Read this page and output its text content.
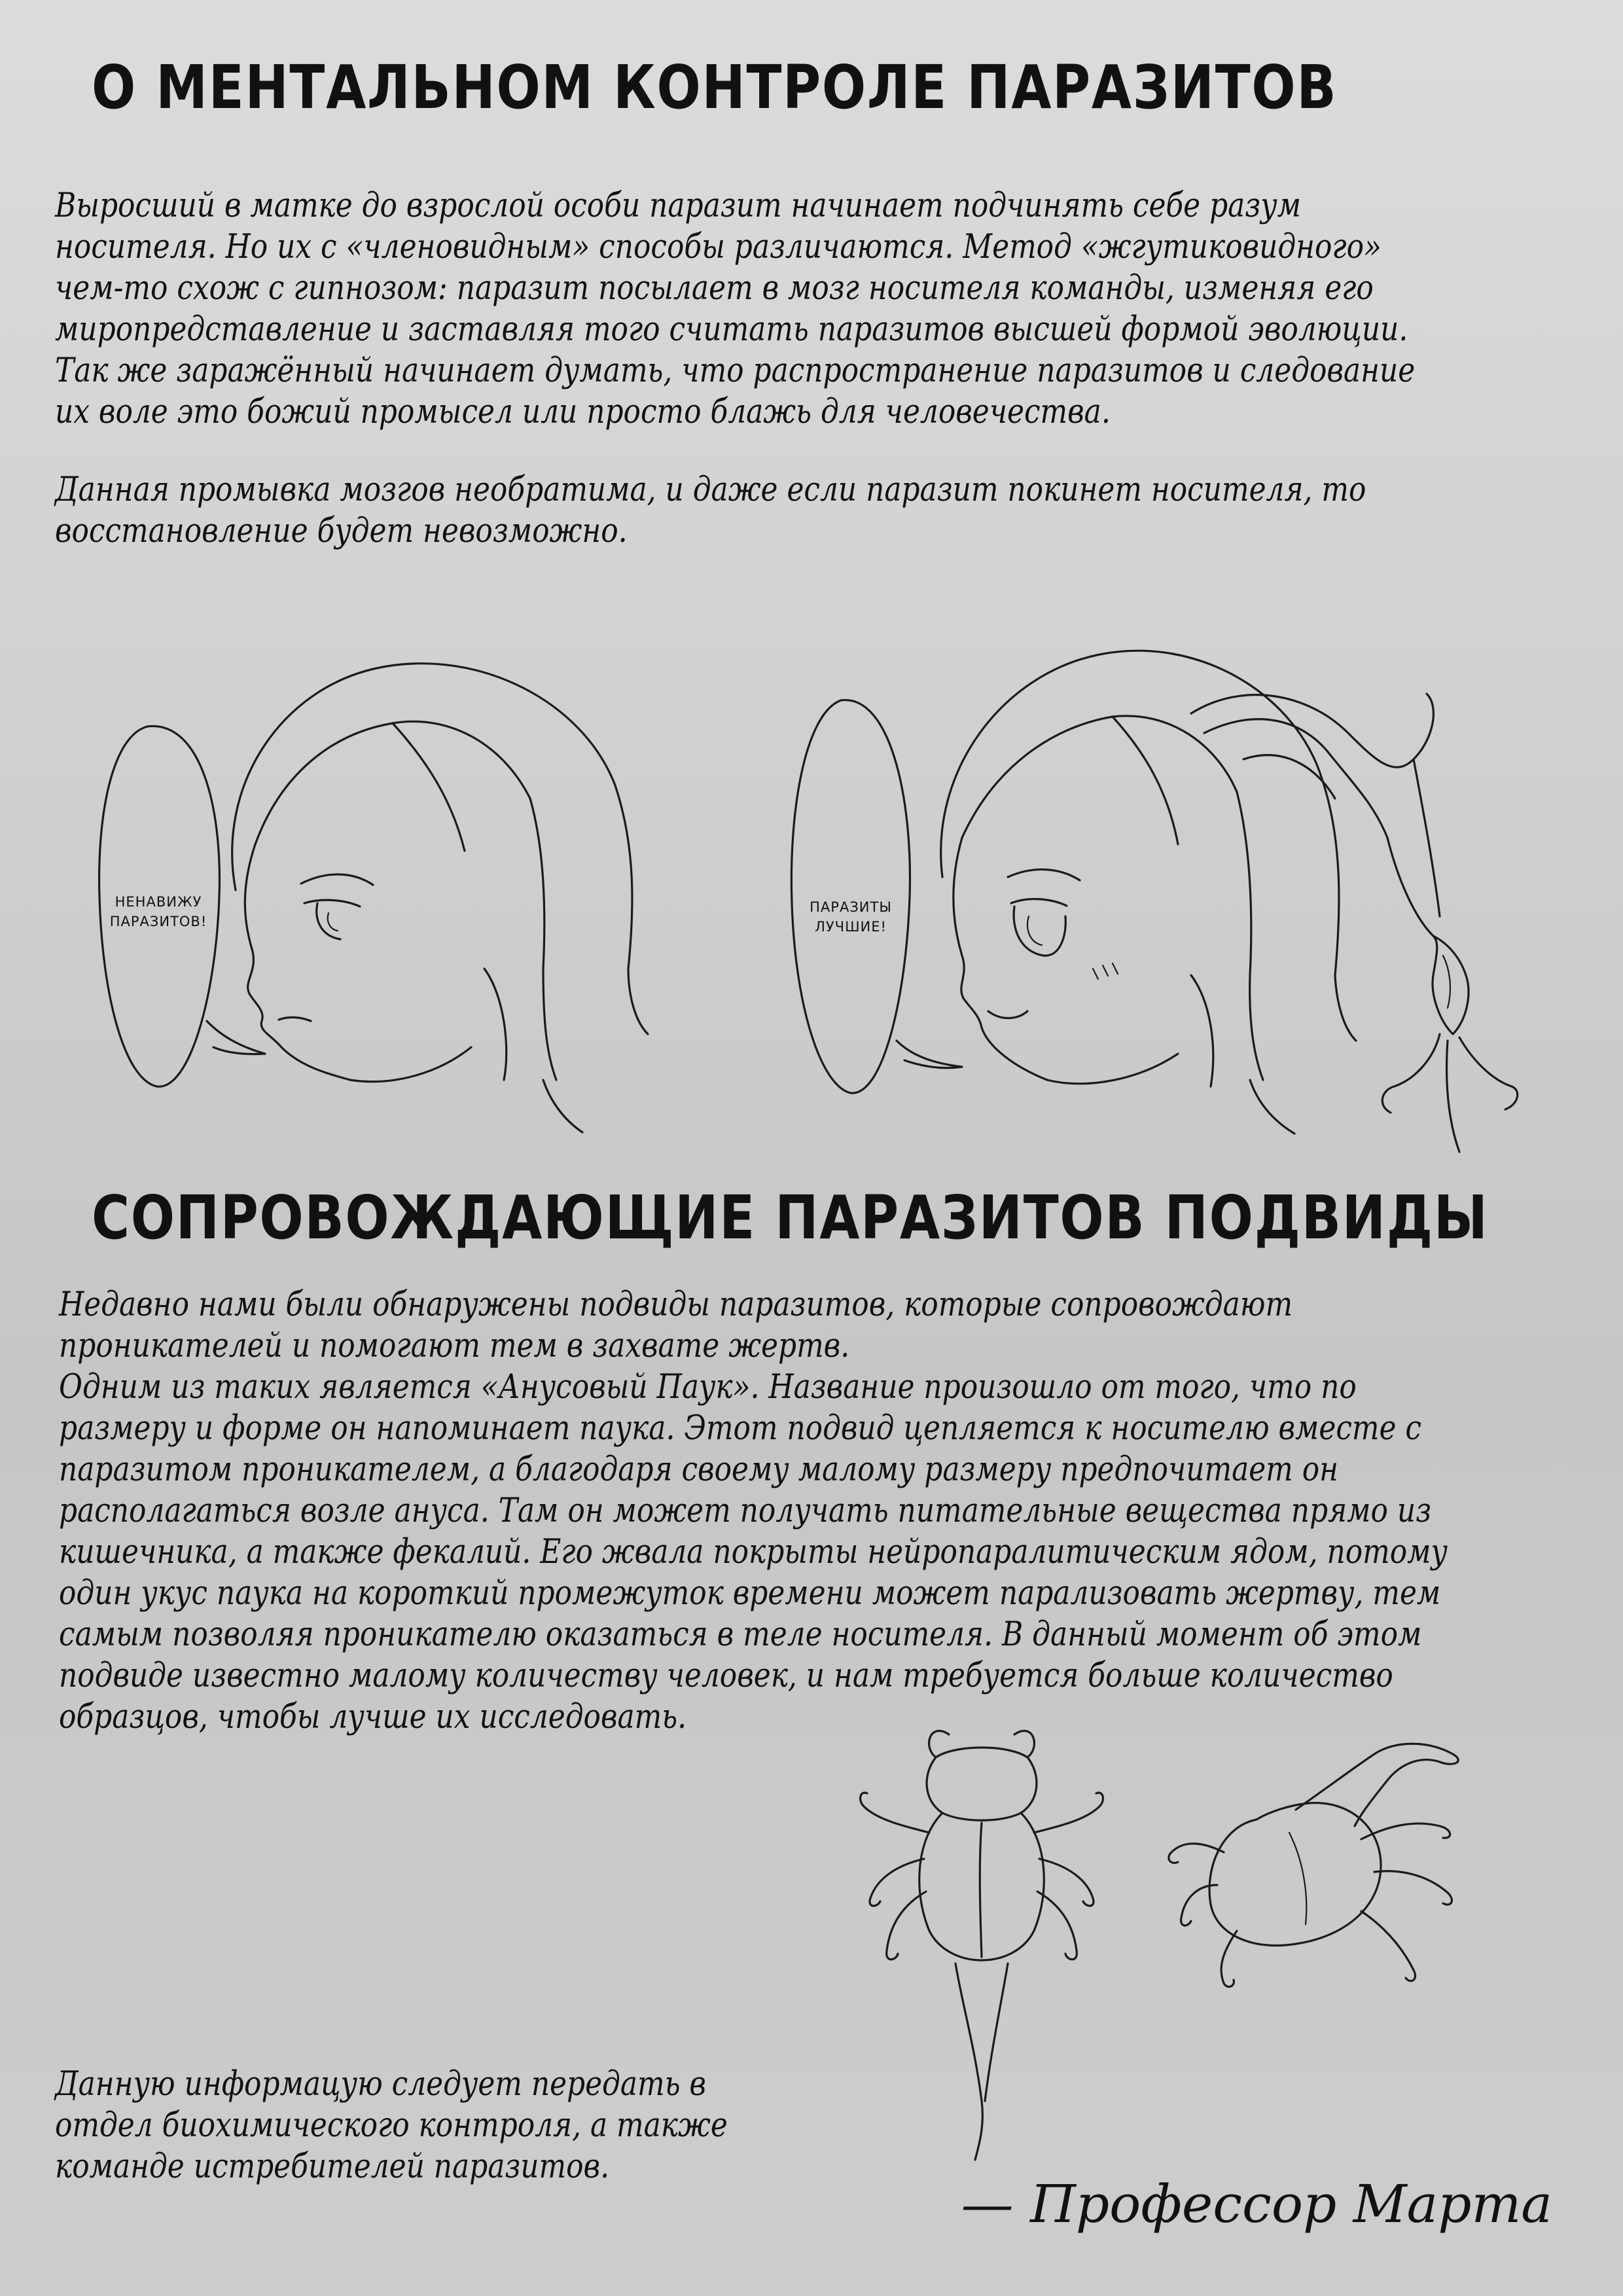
О МЕНТАЛЬНОМ КОНТРОЛЕ ПАРАЗИТОВ

Выросший в матке до взрослой особи паразит начинает подчинять себе разум
носителя. Но их с «членовидным» способы различаются. Метод «жгутиковидного»
чем-то схож с гипнозом: паразит посылает в мозг носителя команды, изменяя его
миропредставление и заставляя того считать паразитов высшей формой эволюции.
Так же заражённый начинает думать, что распространение паразитов и следование
их воле это божий промысел или просто блажь для человечества.

Данная промывка мозгов необратима, и даже если паразит покинет носителя, то
восстановление будет невозможно.

НЕНАВИЖУ
ПАРАЗИТОВ!
ПАРАЗИТЫ
ЛУЧШИЕ!
СОПРОВОЖДАЮЩИЕ ПАРАЗИТОВ ПОДВИДЫ

Недавно нами были обнаружены подвиды паразитов, которые сопровождают
проникателей и помогают тем в захвате жертв.
Одним из таких является «Анусовый Паук». Название произошло от того, что по
размеру и форме он напоминает паука. Этот подвид цепляется к носителю вместе с
паразитом проникателем, а благодаря своему малому размеру предпочитает он
располагаться возле ануса. Там он может получать питательные вещества прямо из
кишечника, а также фекалий. Его жвала покрыты нейропаралитическим ядом, потому
один укус паука на короткий промежуток времени может парализовать жертву, тем
самым позволяя проникателю оказаться в теле носителя. В данный момент об этом
подвиде известно малому количеству человек, и нам требуется больше количество
образцов, чтобы лучше их исследовать.

Данную информацую следует передать в
отдел биохимического контроля, а также
команде истребителей паразитов.

— Профессор Марта
